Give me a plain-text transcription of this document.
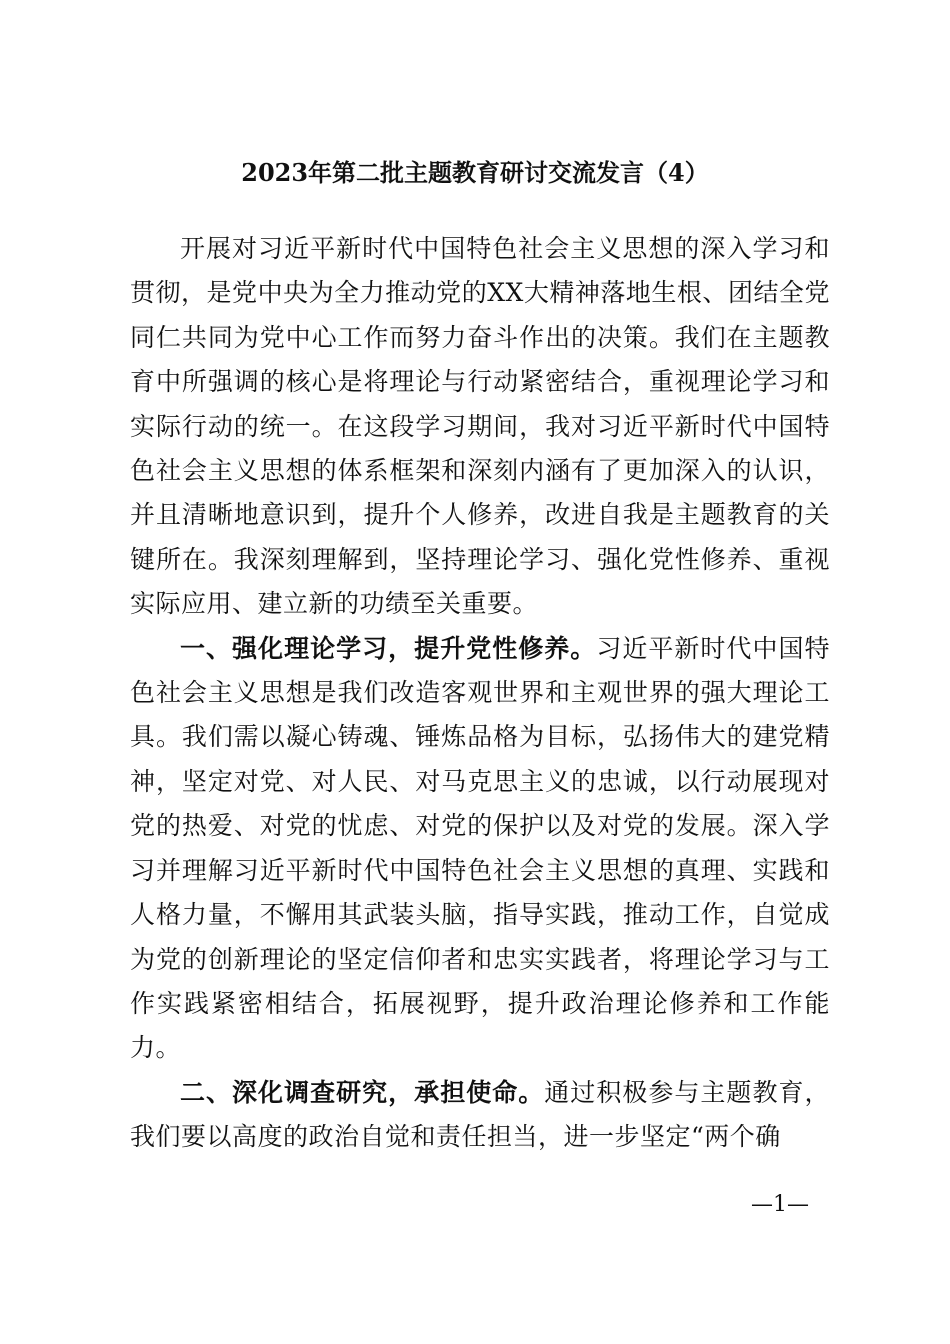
2023年第二批主题教育研讨交流发言（4）

开展对习近平新时代中国特色社会主义思想的深入学习和贯彻，是党中央为全力推动党的XX大精神落地生根、团结全党同仁共同为党中心工作而努力奋斗作出的决策。我们在主题教育中所强调的核心是将理论与行动紧密结合，重视理论学习和实际行动的统一。在这段学习期间，我对习近平新时代中国特色社会主义思想的体系框架和深刻内涵有了更加深入的认识，并且清晰地意识到，提升个人修养，改进自我是主题教育的关键所在。我深刻理解到，坚持理论学习、强化党性修养、重视实际应用、建立新的功绩至关重要。

一、强化理论学习，提升党性修养。习近平新时代中国特色社会主义思想是我们改造客观世界和主观世界的强大理论工具。我们需以凝心铸魂、锤炼品格为目标，弘扬伟大的建党精神，坚定对党、对人民、对马克思主义的忠诚，以行动展现对党的热爱、对党的忧虑、对党的保护以及对党的发展。深入学习并理解习近平新时代中国特色社会主义思想的真理、实践和人格力量，不懈用其武装头脑，指导实践，推动工作，自觉成为党的创新理论的坚定信仰者和忠实实践者，将理论学习与工作实践紧密相结合，拓展视野，提升政治理论修养和工作能力。

二、深化调查研究，承担使命。通过积极参与主题教育，我们要以高度的政治自觉和责任担当，进一步坚定“两个确

—1—
